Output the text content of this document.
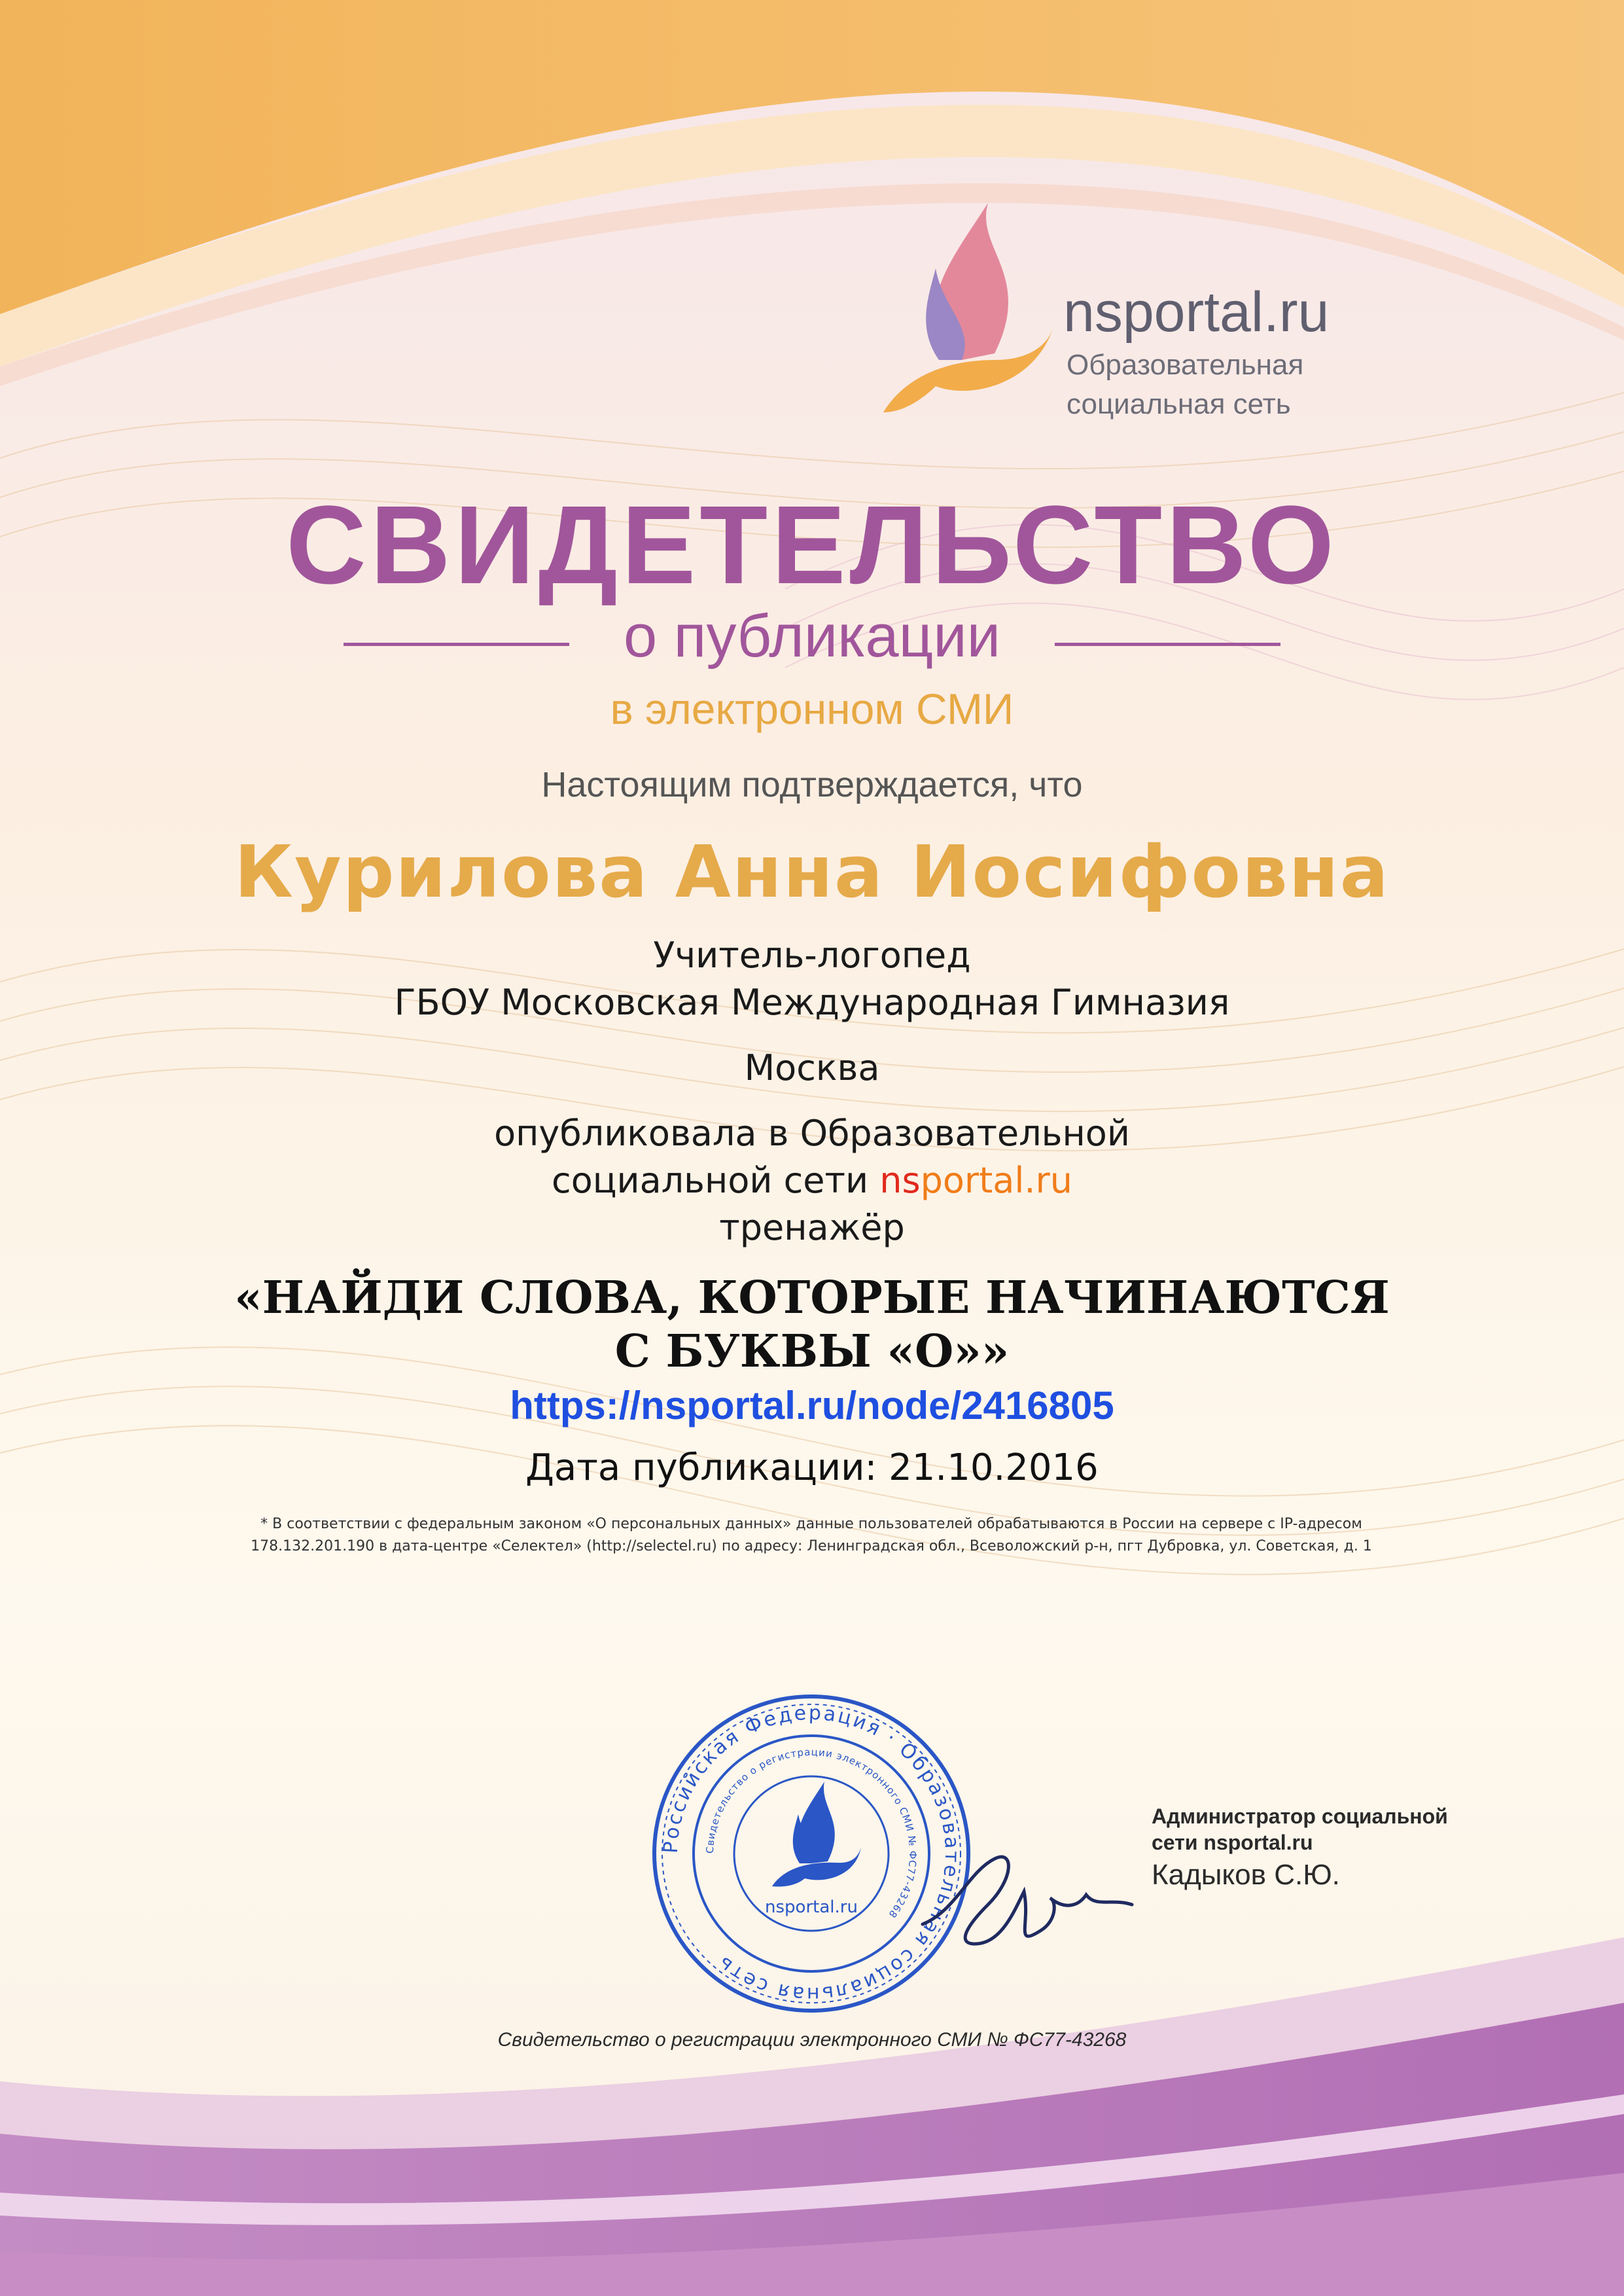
nsportal.ru
Образовательная
социальная сеть
СВИДЕТЕЛЬСТВО
о публикации
в электронном СМИ
Настоящим подтверждается, что
Курилова Анна Иосифовна
Учитель-логопед
ГБОУ Московская Международная Гимназия
Москва
опубликовала в Образовательной
социальной сети nsportal.ru
тренажёр
«НАЙДИ СЛОВА, КОТОРЫЕ НАЧИНАЮТСЯ
С БУКВЫ «О»»
https://nsportal.ru/node/2416805
Дата публикации: 21.10.2016
* В соответствии с федеральным законом «О персональных данных» данные пользователей обрабатываются в России на сервере с IP-адресом
178.132.201.190 в дата-центре «Селектел» (http://selectel.ru) по адресу: Ленинградская обл., Всеволожский р-н, пгт Дубровка, ул. Советская, д. 1
Российская Федерация · Образовательная социальная сеть
Свидетельство о регистрации электронного СМИ № ФС77-43268
nsportal.ru
Администратор социальной
сети nsportal.ru
Кадыков С.Ю.
Свидетельство о регистрации электронного СМИ № ФС77-43268
